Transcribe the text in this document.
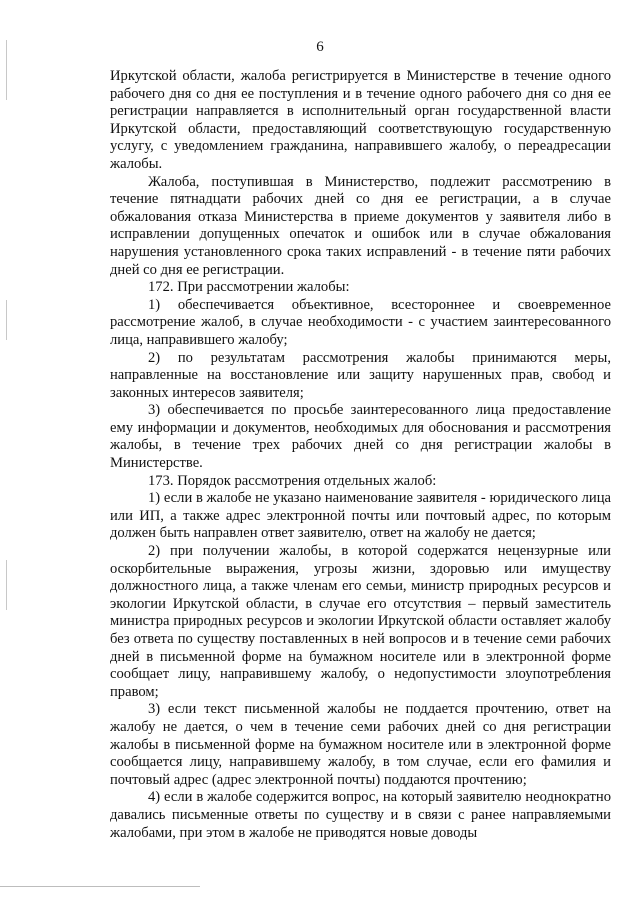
6

Иркутской области, жалоба регистрируется в Министерстве в течение одного рабочего дня со дня ее поступления и в течение одного рабочего дня со дня ее регистрации направляется в исполнительный орган государственной власти Иркутской области, предоставляющий соответствующую государственную услугу, с уведомлением гражданина, направившего жалобу, о переадресации жалобы.

Жалоба, поступившая в Министерство, подлежит рассмотрению в течение пятнадцати рабочих дней со дня ее регистрации, а в случае обжалования отказа Министерства в приеме документов у заявителя либо в исправлении допущенных опечаток и ошибок или в случае обжалования нарушения установленного срока таких исправлений - в течение пяти рабочих дней со дня ее регистрации.

172. При рассмотрении жалобы:

1) обеспечивается объективное, всестороннее и своевременное рассмотрение жалоб, в случае необходимости - с участием заинтересованного лица, направившего жалобу;

2) по результатам рассмотрения жалобы принимаются меры, направленные на восстановление или защиту нарушенных прав, свобод и законных интересов заявителя;

3) обеспечивается по просьбе заинтересованного лица предоставление ему информации и документов, необходимых для обоснования и рассмотрения жалобы, в течение трех рабочих дней со дня регистрации жалобы в Министерстве.

173. Порядок рассмотрения отдельных жалоб:

1) если в жалобе не указано наименование заявителя - юридического лица или ИП, а также адрес электронной почты или почтовый адрес, по которым должен быть направлен ответ заявителю, ответ на жалобу не дается;

2) при получении жалобы, в которой содержатся нецензурные или оскорбительные выражения, угрозы жизни, здоровью или имуществу должностного лица, а также членам его семьи, министр природных ресурсов и экологии Иркутской области, в случае его отсутствия – первый заместитель министра природных ресурсов и экологии Иркутской области оставляет жалобу без ответа по существу поставленных в ней вопросов и в течение семи рабочих дней в письменной форме на бумажном носителе или в электронной форме сообщает лицу, направившему жалобу, о недопустимости злоупотребления правом;

3) если текст письменной жалобы не поддается прочтению, ответ на жалобу не дается, о чем в течение семи рабочих дней со дня регистрации жалобы в письменной форме на бумажном носителе или в электронной форме сообщается лицу, направившему жалобу, в том случае, если его фамилия и почтовый адрес (адрес электронной почты) поддаются прочтению;

4) если в жалобе содержится вопрос, на который заявителю неоднократно давались письменные ответы по существу и в связи с ранее направляемыми жалобами, при этом в жалобе не приводятся новые доводы
